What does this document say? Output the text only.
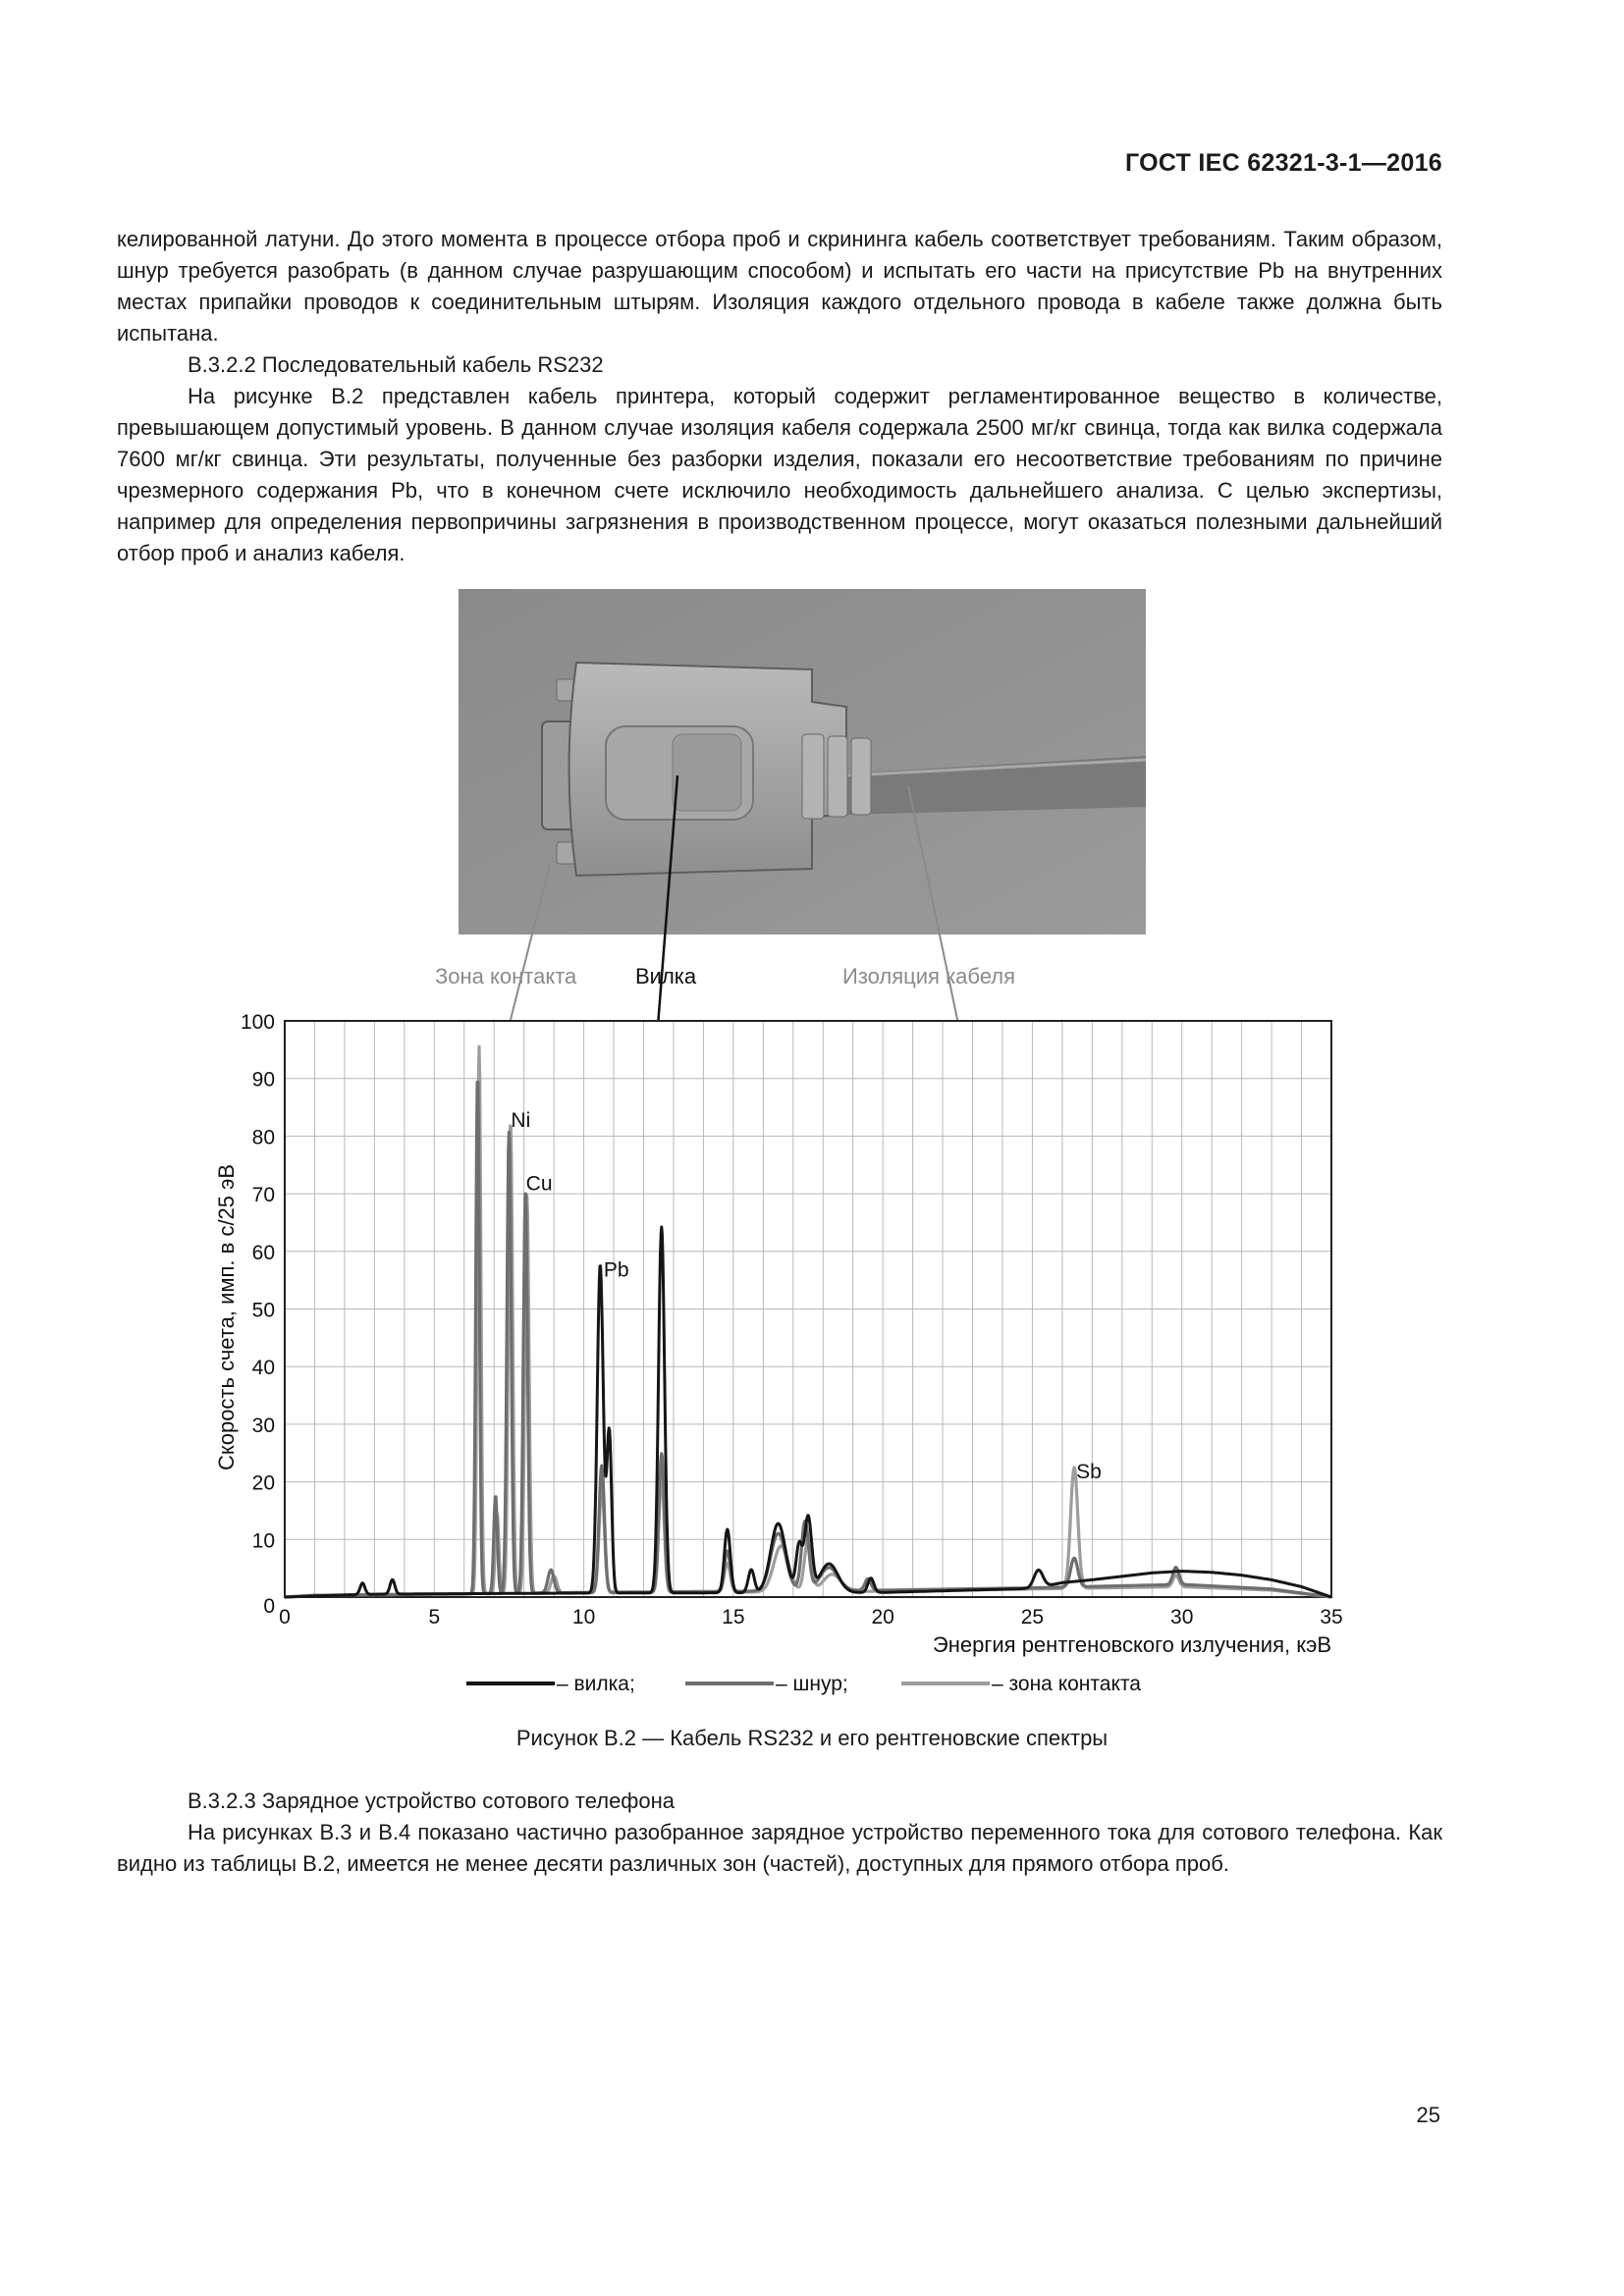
ГОСТ IEC 62321-3-1—2016

келированной латуни. До этого момента в процессе отбора проб и скрининга кабель соответствует требованиям. Таким образом, шнур требуется разобрать (в данном случае разрушающим способом) и испытать его части на присутствие Pb на внутренних местах припайки проводов к соединительным штырям. Изоляция каждого отдельного провода в кабеле также должна быть испытана.

В.3.2.2 Последовательный кабель RS232

На рисунке В.2 представлен кабель принтера, который содержит регламентированное вещество в количестве, превышающем допустимый уровень. В данном случае изоляция кабеля содержала 2500 мг/кг свинца, тогда как вилка содержала 7600 мг/кг свинца. Эти результаты, полученные без разборки изделия, показали его несоответствие требованиям по причине чрезмерного содержания Pb, что в конечном счете исключило необходимость дальнейшего анализа. С целью экспертизы, например для определения первопричины загрязнения в производственном процессе, могут оказаться полезными дальнейший отбор проб и анализ кабеля.

Зона контакта	Вилка	Изоляция кабеля
0	5	10	15	20	25	30	35
0
10
20
30
40
50
60
70
80
90
100
Ni
Cu
Pb
Sb
Скорость счета, имп. в с/25 эВ
Энергия рентгеновского излучения, кэВ
– вилка;	– шнур;	– зона контакта
Рисунок В.2 — Кабель RS232 и его рентгеновские спектры

В.3.2.3 Зарядное устройство сотового телефона

На рисунках В.3 и В.4 показано частично разобранное зарядное устройство переменного тока для сотового телефона. Как видно из таблицы В.2, имеется не менее десяти различных зон (частей), доступных для прямого отбора проб.

25
